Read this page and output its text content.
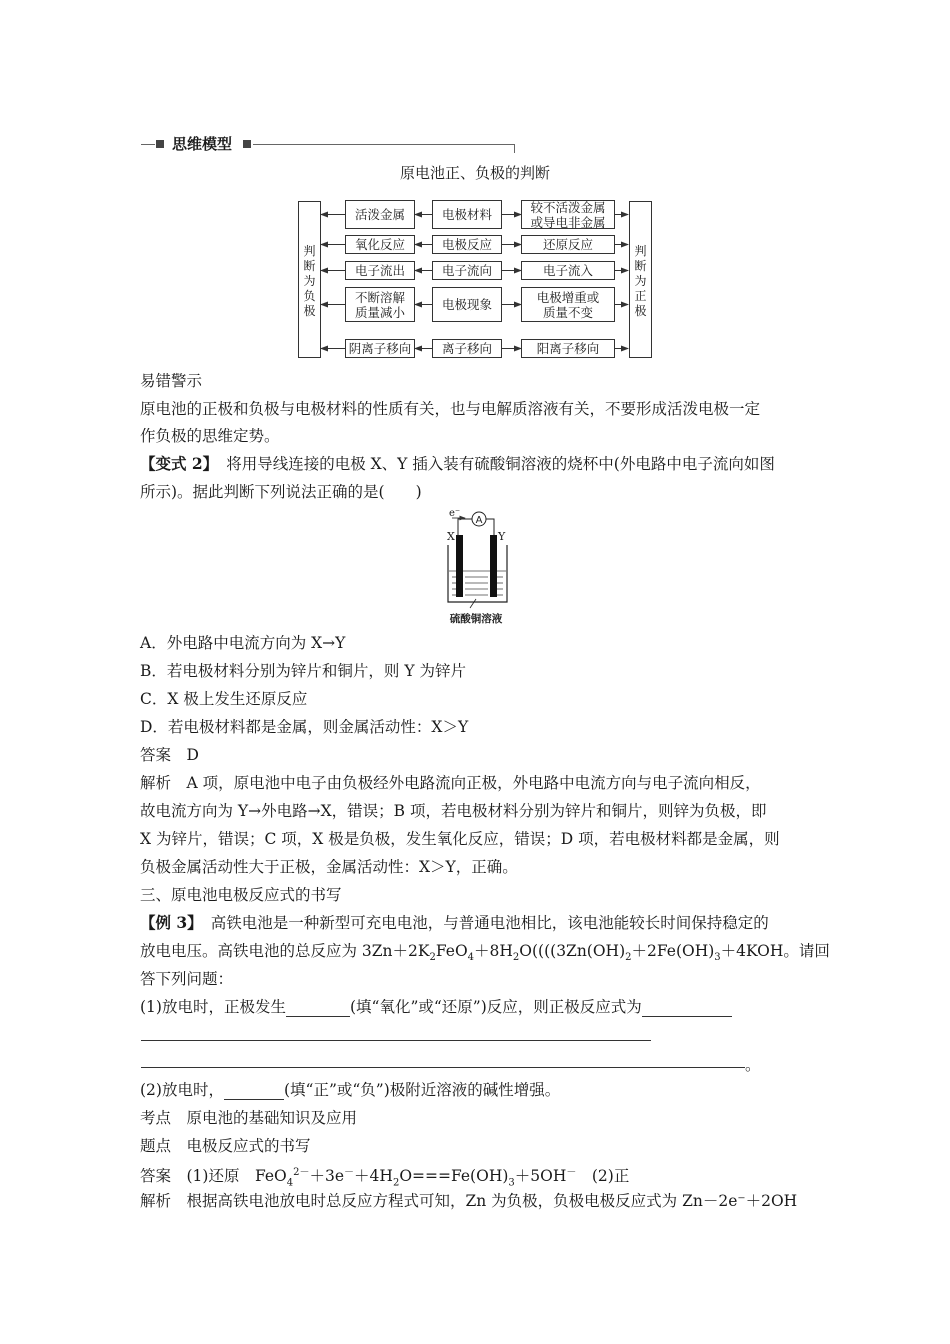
思维模型
原电池正、负极的判断
判
断
为
负
极
判
断
为
正
极
活泼金属	电极材料	较不活泼金属
或导电非金属
氧化反应	电极反应	还原反应
电子流出	电子流向	电子流入
不断溶解
质量减小	电极现象	电极增重或
质量不变
阴离子移向	离子移向	阳离子移向
易错警示
原电池的正极和负极与电极材料的性质有关，也与电解质溶液有关，不要形成活泼电极一定
作负极的思维定势。
【变式 2】 将用导线连接的电极 X、Y 插入装有硫酸铜溶液的烧杯中(外电路中电子流向如图
所示)。据此判断下列说法正确的是(　　)
A
e⁻
X	Y
硫酸铜溶液
A．外电路中电流方向为 X→Y
B．若电极材料分别为锌片和铜片，则 Y 为锌片
C．X 极上发生还原反应
D．若电极材料都是金属，则金属活动性：X＞Y
答案　D
解析　A 项，原电池中电子由负极经外电路流向正极，外电路中电流方向与电子流向相反，
故电流方向为 Y→外电路→X，错误；B 项，若电极材料分别为锌片和铜片，则锌为负极，即
X 为锌片，错误；C 项，X 极是负极，发生氧化反应，错误；D 项，若电极材料都是金属，则
负极金属活动性大于正极，金属活动性：X＞Y，正确。
三、原电池电极反应式的书写
【例 3】 高铁电池是一种新型可充电电池，与普通电池相比，该电池能较长时间保持稳定的
放电电压。高铁电池的总反应为 $3Zn+2K_2FeO_4+8H_2O((((3Zn(OH)_2+2Fe(OH)_3+4KOH$。请回
答下列问题：
(1)放电时，正极发生	(填“氧化”或“还原”)反应，则正极反应式为
。
(2)放电时，	(填“正”或“负”)极附近溶液的碱性增强。
考点　原电池的基础知识及应用
题点　电极反应式的书写
答案　(1)还原　$FeO_4^{2-}+3e^-+4H_2O===Fe(OH)_3+5OH^-$　(2)正
解析　根据高铁电池放电时总反应方程式可知，Zn 为负极，负极电极反应式为 Zn－2e⁻＋2OH
